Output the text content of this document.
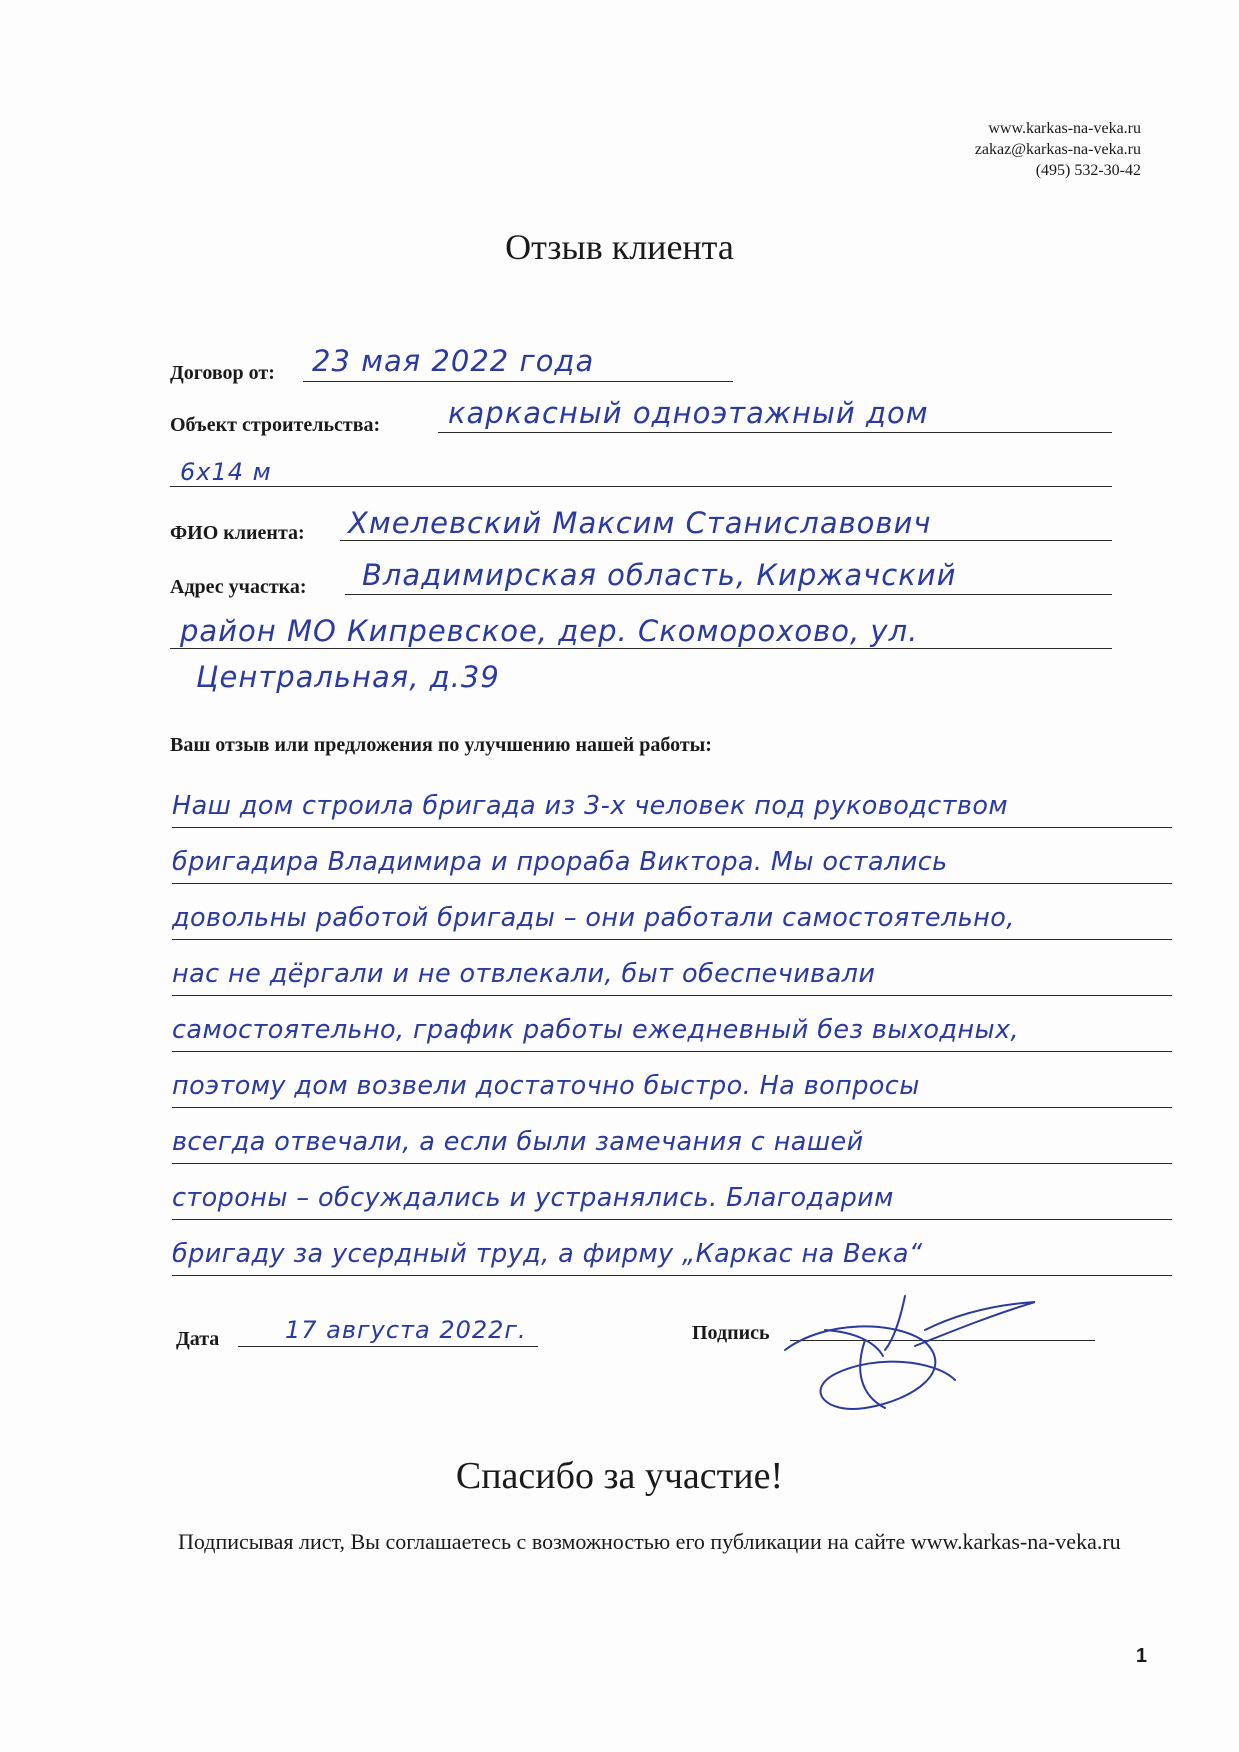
www.karkas-na-veka.ru
zakaz@karkas-na-veka.ru
(495) 532-30-42
Отзыв клиента
Договор от: 23 мая 2022 года
Объект строительства: каркасный одноэтажный дом
6х14 м
ФИО клиента: Хмелевский Максим Станиславович
Адрес участка: Владимирская область, Киржачский
район МО Кипревское, дер. Скоморохово, ул.
Центральная, д.39
Ваш отзыв или предложения по улучшению нашей работы:
Наш дом строила бригада из 3-х человек под руководством
бригадира Владимира и прораба Виктора. Мы остались
довольны работой бригады – они работали самостоятельно,
нас не дёргали и не отвлекали, быт обеспечивали
самостоятельно, график работы ежедневный без выходных,
поэтому дом возвели достаточно быстро. На вопросы
всегда отвечали, а если были замечания с нашей
стороны – обсуждались и устранялись. Благодарим
бригаду за усердный труд, а фирму „Каркас на Века“
Дата	17 августа 2022г.	Подпись
Спасибо за участие!
Подписывая лист, Вы соглашаетесь с возможностью его публикации на сайте www.karkas-na-veka.ru
1
